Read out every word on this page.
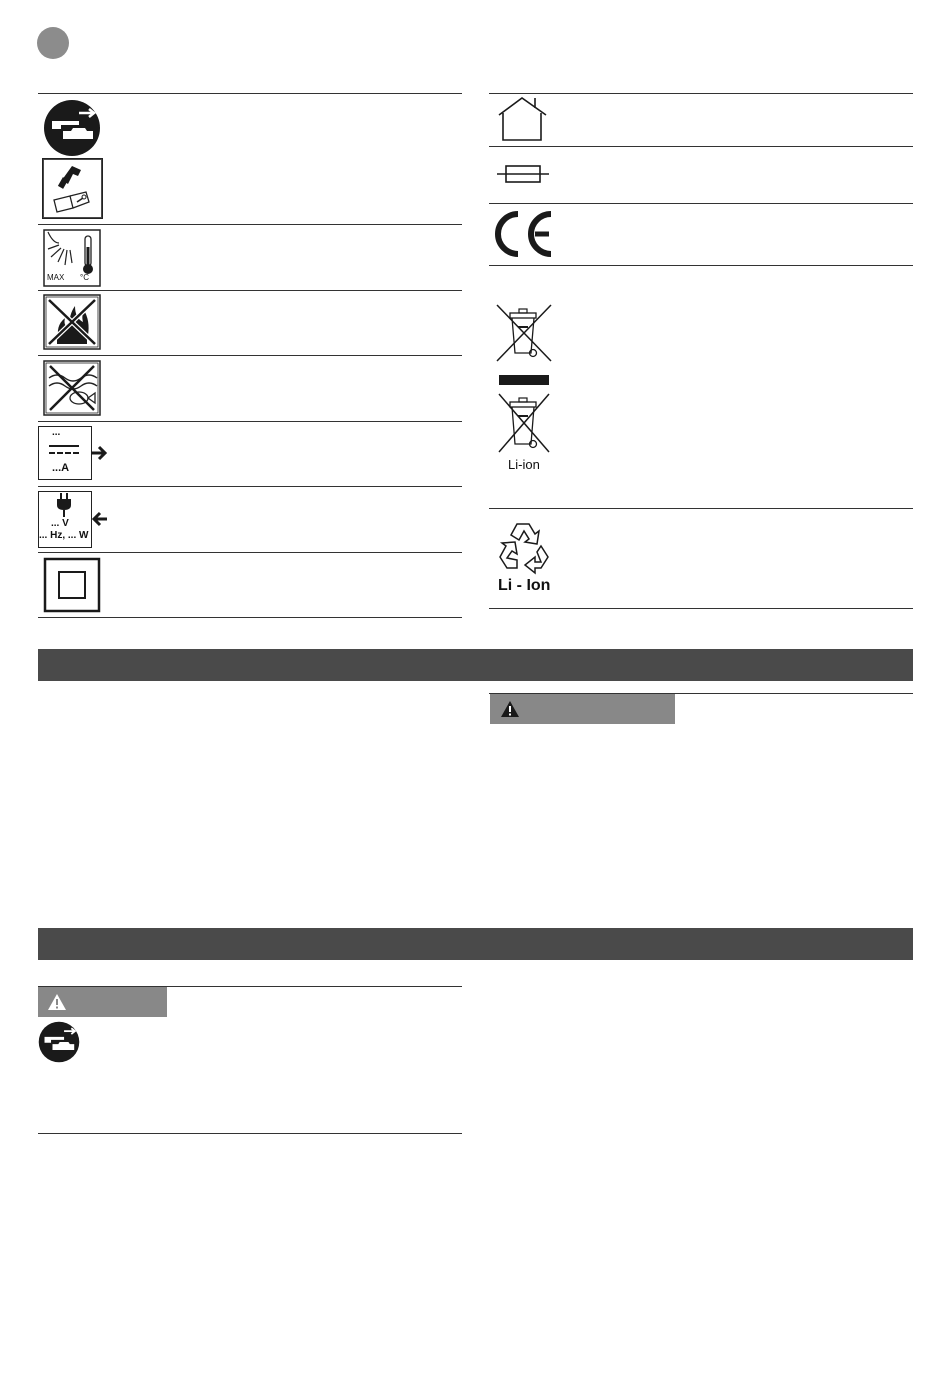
MAX °C
...
...A
... V
... Hz, ... W
Li-ion
Li - Ion
